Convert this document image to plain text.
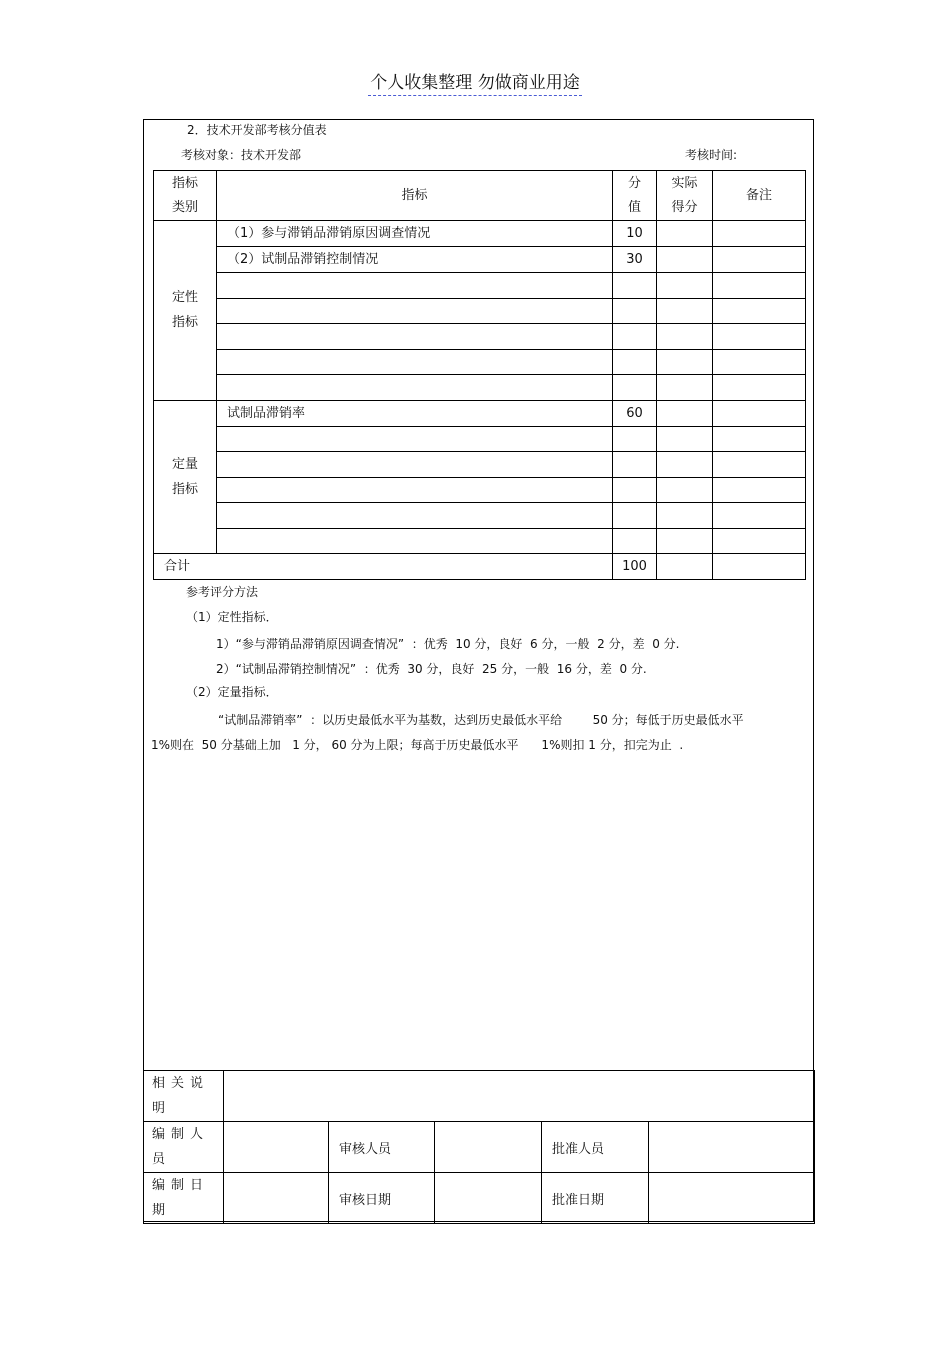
个人收集整理 勿做商业用途
2．技术开发部考核分值表
考核对象：技术开发部	考核时间:
指标类别	指标	分值	实际得分	备注

定性指标	（1）参与滞销品滞销原因调查情况	10		
	（2）试制品滞销控制情况	30		

定量指标	试制品滞销率	60		

合计		100		
参考评分方法
（1）定性指标．
1）“参与滞销品滞销原因调查情况”  ：优秀  10 分，良好  6 分，一般  2 分，差  0 分.
2）“试制品滞销控制情况”  ：优秀  30 分，良好  25 分，一般  16 分，差  0 分.
（2）定量指标．
“试制品滞销率”  ：以历史最低水平为基数，达到历史最低水平给        50 分；每低于历史最低水平
1%则在  50 分基础上加   1 分， 60 分为上限；每高于历史最低水平      1%则扣 1 分，扣完为止  .
相关说明					
编制人员		审核人员		批准人员	
编制日期		审核日期		批准日期	
